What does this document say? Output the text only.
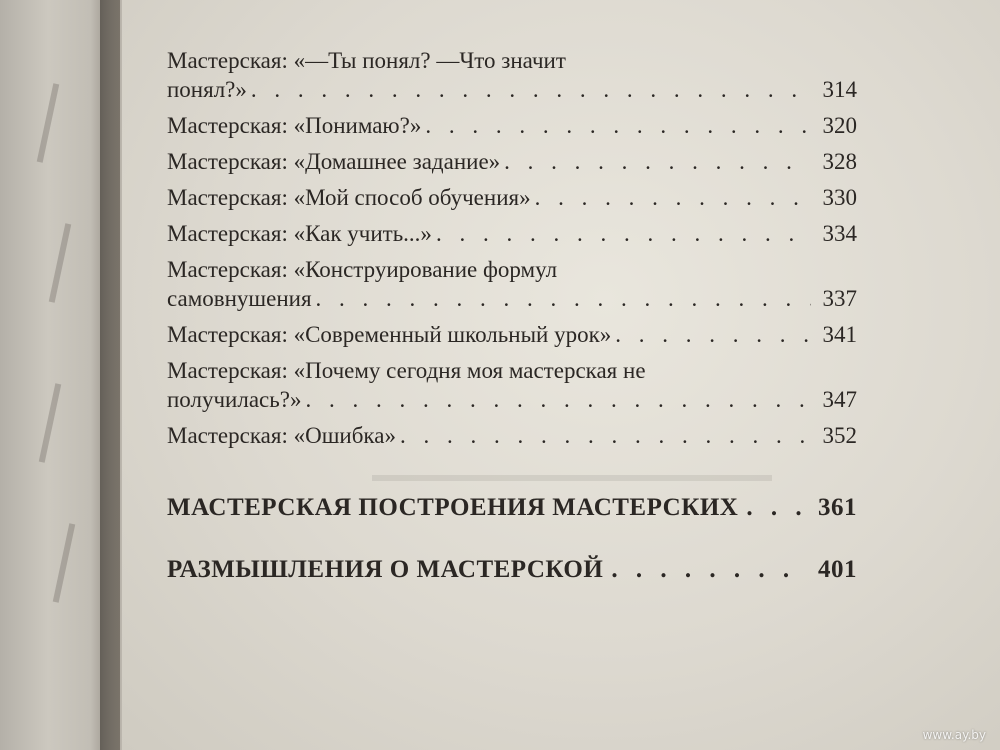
▬▬▬▬▬▬▬▬▬▬▬▬▬▬▬▬▬▬▬▬
Мастерская: «—Ты понял? —Что значит
понял?» . . .	314
Мастерская: «Понимаю?» . . .	320
Мастерская: «Домашнее задание» . . .	328
Мастерская: «Мой способ обучения» . . .	330
Мастерская: «Как учить...» . . .	334
Мастерская: «Конструирование формул
самовнушения . . .	337
Мастерская: «Современный школьный урок» . . .	341
Мастерская: «Почему сегодня моя мастерская не
получилась?» . . .	347
Мастерская: «Ошибка» . . .	352
МАСТЕРСКАЯ ПОСТРОЕНИЯ МАСТЕРСКИХ . . .	361
РАЗМЫШЛЕНИЯ О МАСТЕРСКОЙ . . .	401
www.ay.by
